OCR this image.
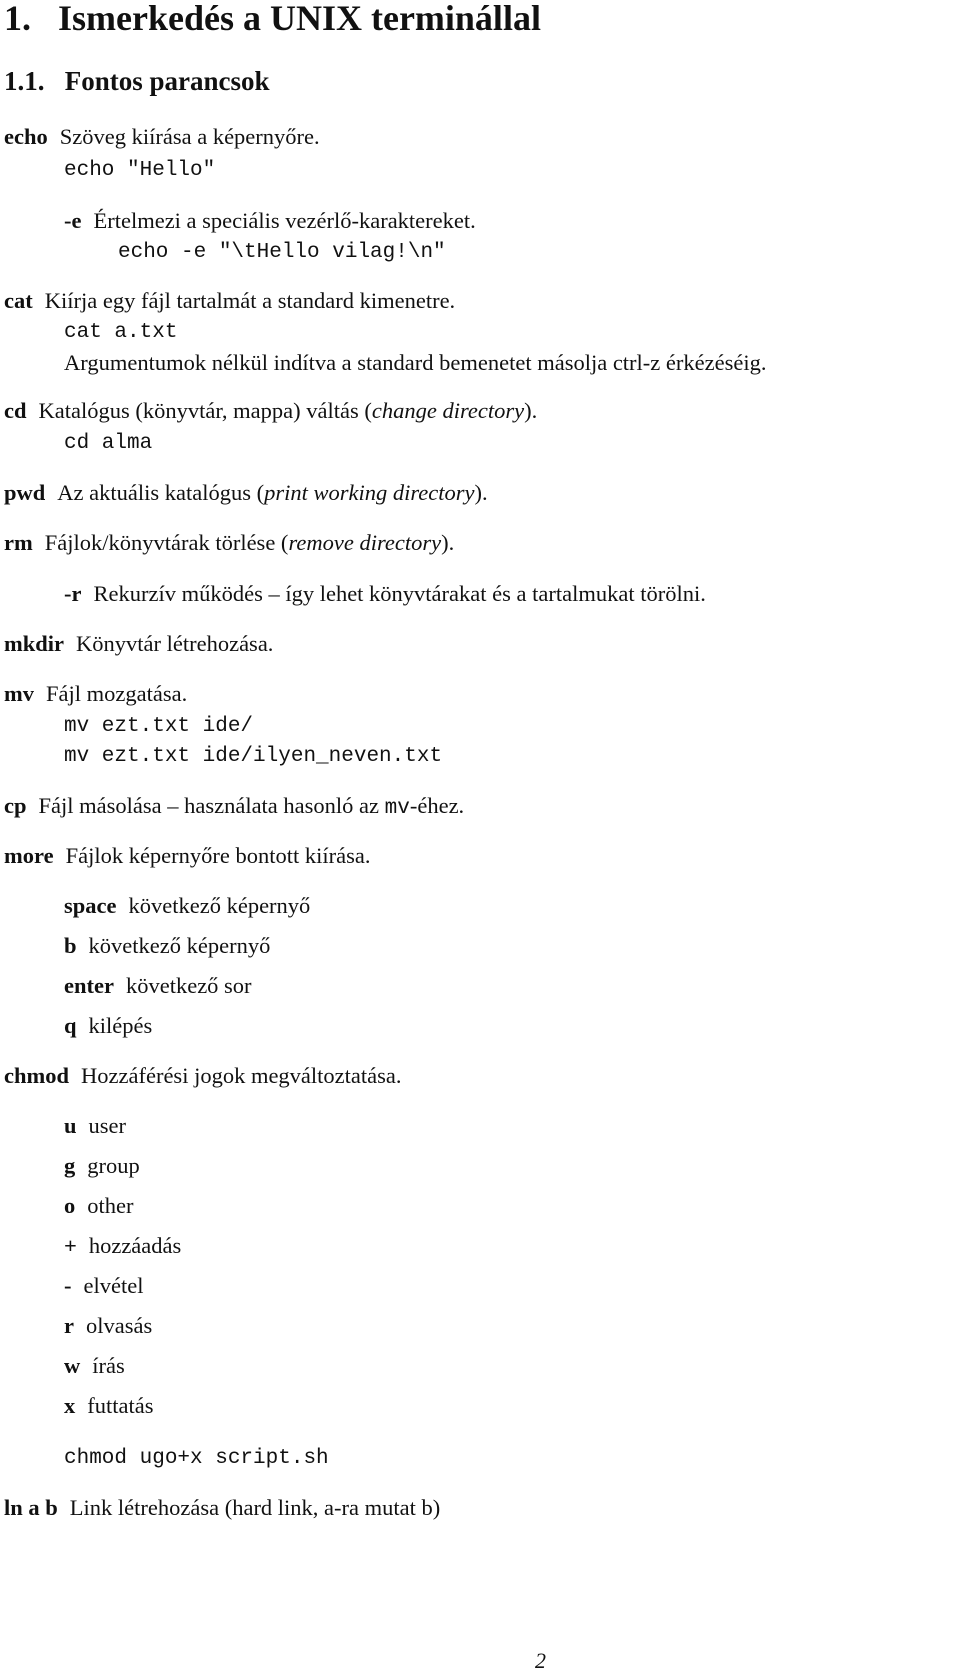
1. Ismerkedés a UNIX terminállal
1.1. Fontos parancsok
echo Szöveg kiírása a képernyőre.
echo "Hello"
-e Értelmezi a speciális vezérlő-karaktereket.
echo -e "\tHello vilag!\n"
cat Kiírja egy fájl tartalmát a standard kimenetre.
cat a.txt
Argumentumok nélkül indítva a standard bemenetet másolja ctrl-z érkézéséig.
cd Katalógus (könyvtár, mappa) váltás (change directory).
cd alma
pwd Az aktuális katalógus (print working directory).
rm Fájlok/könyvtárak törlése (remove directory).
-r Rekurzív működés – így lehet könyvtárakat és a tartalmukat törölni.
mkdir Könyvtár létrehozása.
mv Fájl mozgatása.
mv ezt.txt ide/
mv ezt.txt ide/ilyen_neven.txt
cp Fájl másolása – használata hasonló az mv-éhez.
more Fájlok képernyőre bontott kiírása.
space következő képernyő
b következő képernyő
enter következő sor
q kilépés
chmod Hozzáférési jogok megváltoztatása.
u user
g group
o other
+ hozzáadás
- elvétel
r olvasás
w írás
x futtatás
chmod ugo+x script.sh
ln a b Link létrehozása (hard link, a-ra mutat b)
2
